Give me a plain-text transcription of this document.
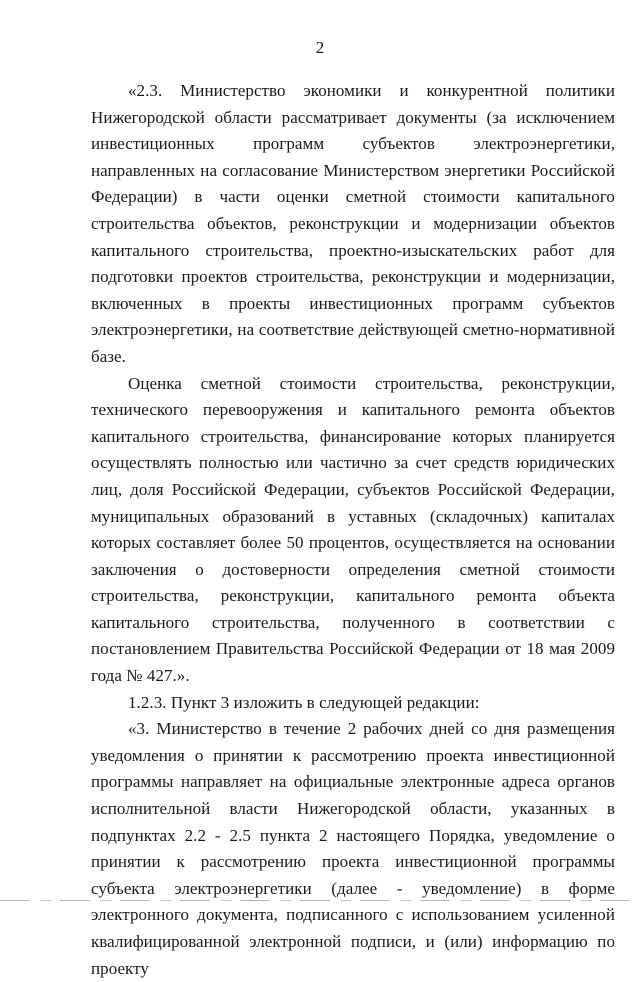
2

«2.3. Министерство экономики и конкурентной политики Нижегородской области рассматривает документы (за исключением инвестиционных программ субъектов электроэнергетики, направленных на согласование Министерством энергетики Российской Федерации) в части оценки сметной стоимости капитального строительства объектов, реконструкции и модернизации объектов капитального строительства, проектно-изыскательских работ для подготовки проектов строительства, реконструкции и модернизации, включенных в проекты инвестиционных программ субъектов электроэнергетики, на соответствие действующей сметно-нормативной базе.

Оценка сметной стоимости строительства, реконструкции, технического перевооружения и капитального ремонта объектов капитального строительства, финансирование которых планируется осуществлять полностью или частично за счет средств юридических лиц, доля Российской Федерации, субъектов Российской Федерации, муниципальных образований в уставных (складочных) капиталах которых составляет более 50 процентов, осуществляется на основании заключения о достоверности определения сметной стоимости строительства, реконструкции, капитального ремонта объекта капитального строительства, полученного в соответствии с постановлением Правительства Российской Федерации от 18 мая 2009 года № 427.».

1.2.3. Пункт 3 изложить в следующей редакции:

«3. Министерство в течение 2 рабочих дней со дня размещения уведомления о принятии к рассмотрению проекта инвестиционной программы направляет на официальные электронные адреса органов исполнительной власти Нижегородской области, указанных в подпунктах 2.2 - 2.5 пункта 2 настоящего Порядка, уведомление о принятии к рассмотрению проекта инвестиционной программы субъекта электроэнергетики (далее - уведомление) в форме электронного документа, подписанного с использованием усиленной квалифицированной электронной подписи, и (или) информацию по проекту
